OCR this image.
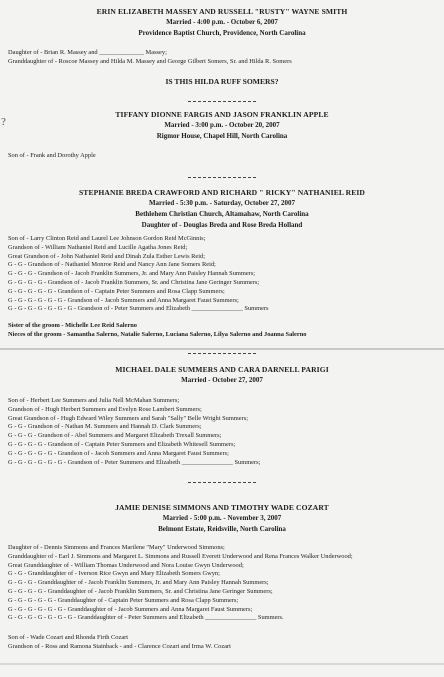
?
ERIN ELIZABETH MASSEY AND RUSSELL "RUSTY" WAYNE SMITH
Married - 4:00 p.m. - October 6, 2007
Providence Baptist Church, Providence, North Carolina
Daughter of - Brian R. Massey and ______________ Massey;
Granddaughter of - Roscoe Massey and Hilda M. Massey and George Gilbert Somers, Sr. and Hilda R. Somers
IS THIS HILDA RUFF SOMERS?
TIFFANY DIONNE FARGIS AND JASON FRANKLIN APPLE
Married - 3:00 p.m. - October 20, 2007
Rigmor House, Chapel Hill, North Carolina
Son of - Frank and Dorothy Apple
STEPHANIE BREDA CRAWFORD AND RICHARD " RICKY" NATHANIEL REID
Married - 5:30 p.m. - Saturday, October 27, 2007
Bethlehem Christian Church, Altamahaw, North Carolina
Daughter of - Douglas Breda and Rose Breda Holland
Son of - Larry Clinton Reid and Laurel Lee Johnson Gordon Reid McGinnis;
Grandson of - William Nathaniel Reid and Lucille Agatha Jones Reid;
Great Grandson of - John Nathaniel Reid and Dinah Zula Esther Lewis Reid;
G - G - Grandson of - Nathaniel Monroe Reid and Nancy Ann Jane Somers Reid;
G - G - G - Grandson of - Jacob Franklin Summers, Jr. and Mary Ann Paisley Hannah Summers;
G - G - G - G - Grandson of - Jacob Franklin Summers, Sr. and Christina Jane Geringer Summers;
G - G - G - G - G - Grandson of - Captain Peter Summers and Rosa Clapp Summers;
G - G - G - G - G - G - Grandson of - Jacob Summers and Anna Margaret Faust Summers;
G - G - G - G - G - G - G - Grandson of - Peter Summers and Elizabeth ________________ Summers
Sister of the groom - Michelle Lee Reid Salerno
Nieces of the groom - Samantha Salerno, Natalie Salerno, Luciana Salerno, Lilya Salerno and Joanna Salerno
MICHAEL DALE SUMMERS AND CARA DARNELL PARIGI
Married - October 27, 2007
Son of - Herbert Lee Summers and Julia Nell McMahan Summers;
Grandson of - Hugh Herbert Summers and Evelyn Rose Lambert Summers;
Great Grandson of - Hugh Edward Wiley Summers and Sarah "Sally" Belle Wright Summers;
G - G - Grandson of - Nathan M. Summers and Hannah D. Clark Summers;
G - G - G - Grandson of - Abel Summers and Margaret Elizabeth Trexall Summers;
G - G - G - G - Grandson of - Captain Peter Summers and Elizabeth Whitesell Summers;
G - G - G - G - G - Grandson of - Jacob Summers and Anna Margaret Faust Summers;
G - G - G - G - G - G - Grandson of - Peter Summers and Elizabeth ________________ Summers;
JAMIE DENISE SIMMONS AND TIMOTHY WADE COZART
Married - 5:00 p.m. - November 3, 2007
Belmont Estate, Reidsville, North Carolina
Daughter of - Dennis Simmons and Frances Marilene "Mary" Underwood Simmons;
Granddaughter of - Earl J. Simmons and Margaret L. Simmons and Russell Everett Underwood and Rena Frances Walker Underwood;
Great Granddaughter of - William Thomas Underwood and Nora Louise Gwyn Underwood;
G - G - Granddaughter of - Iverson Rice Gwyn and Mary Elizabeth Somers Gwyn;
G - G - G - Granddaughter of - Jacob Franklin Summers, Jr. and Mary Ann Paisley Hannah Summers;
G - G - G - G - Granddaughter of - Jacob Franklin Summers, Sr. and Christina Jane Geringer Summers;
G - G - G - G - G - Granddaughter of - Captain Peter Summers and Rosa Clapp Summers;
G - G - G - G - G - G - Granddaughter of - Jacob Summers and Anna Margaret Faust Summers;
G - G - G - G - G - G - G - Granddaughter of - Peter Summers and Elizabeth ________________ Summers.
Son of - Wade Cozart and Rhonda Firth Cozart
Grandson of - Ross and Ramona Stainback - and - Clarence Cozart and Irma W. Cozart
